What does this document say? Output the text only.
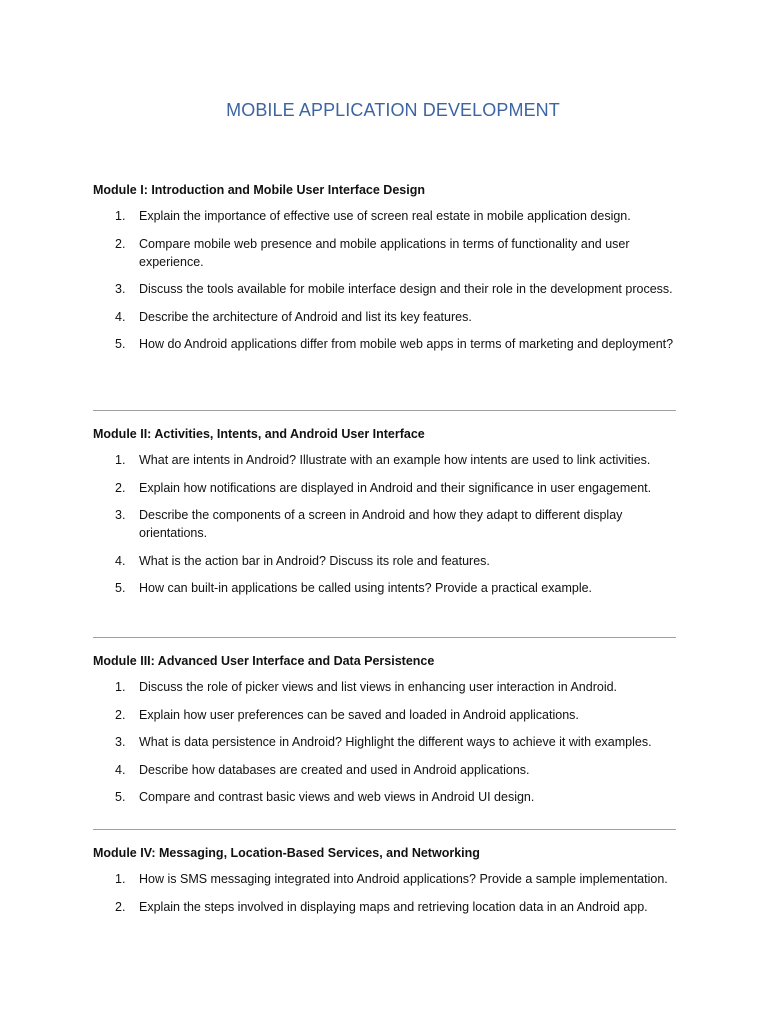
MOBILE APPLICATION DEVELOPMENT
Module I: Introduction and Mobile User Interface Design
1. Explain the importance of effective use of screen real estate in mobile application design.
2. Compare mobile web presence and mobile applications in terms of functionality and user experience.
3. Discuss the tools available for mobile interface design and their role in the development process.
4. Describe the architecture of Android and list its key features.
5. How do Android applications differ from mobile web apps in terms of marketing and deployment?
Module II: Activities, Intents, and Android User Interface
1. What are intents in Android? Illustrate with an example how intents are used to link activities.
2. Explain how notifications are displayed in Android and their significance in user engagement.
3. Describe the components of a screen in Android and how they adapt to different display orientations.
4. What is the action bar in Android? Discuss its role and features.
5. How can built-in applications be called using intents? Provide a practical example.
Module III: Advanced User Interface and Data Persistence
1. Discuss the role of picker views and list views in enhancing user interaction in Android.
2. Explain how user preferences can be saved and loaded in Android applications.
3. What is data persistence in Android? Highlight the different ways to achieve it with examples.
4. Describe how databases are created and used in Android applications.
5. Compare and contrast basic views and web views in Android UI design.
Module IV: Messaging, Location-Based Services, and Networking
1. How is SMS messaging integrated into Android applications? Provide a sample implementation.
2. Explain the steps involved in displaying maps and retrieving location data in an Android app.
